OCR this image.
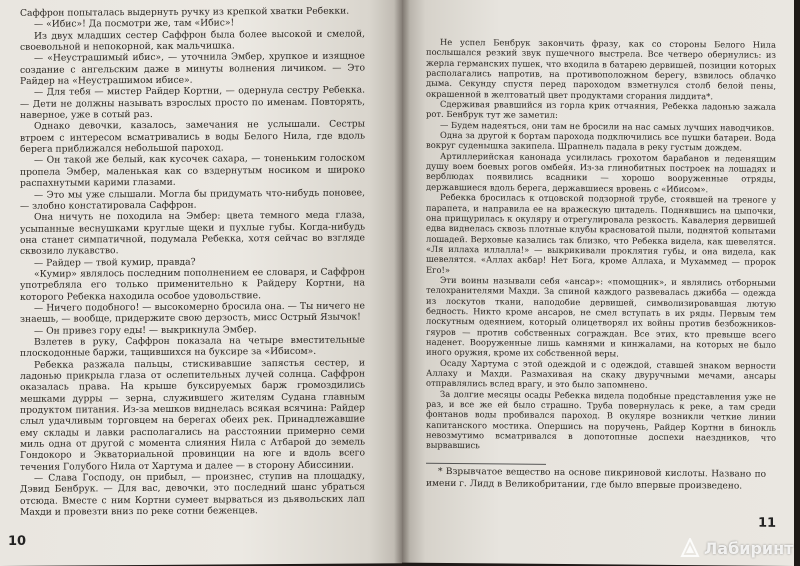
Саффрон попыталась выдернуть ручку из крепкой хватки Ребекки.

— «Ибис»! Да посмотри же, там «Ибис»!

Из двух младших сестер Саффрон была более высокой и смелой, своевольной и непокорной, как мальчишка.

— «Неустрашимый ибис», — уточнила Эмбер, хрупкое и изящное создание с ангельским даже в минуты волнения личиком. — Это Райдер на «Неустрашимом ибисе».

— Для тебя — мистер Райдер Кортни, — одернула сестру Ребекка. — Дети не должны называть взрослых просто по именам. Повторять, наверное, уже в сотый раз.

Однако девочки, казалось, замечания не услышали. Сестры втроем с интересом всматривались в воды Белого Нила, где вдоль берега приближался небольшой пароход.

— Он такой же белый, как кусочек сахара, — тоненьким голоском пропела Эмбер, маленькая как со вздернутым носиком и широко распахнутыми карими глазами.

— Это мы уже слышали. Могла бы придумать что-нибудь поновее, — злобно констатировала Саффрон.

Она ничуть не походила на Эмбер: цвета темного меда глаза, усыпанные веснушками круглые щеки и пухлые губы. Когда-нибудь она станет симпатичной, подумала Ребекка, хотя сейчас во взгляде сквозило лукавство.

— Райдер — твой кумир, правда?

«Кумир» являлось последним пополнением ее словаря, и Саффрон употребляла его только применительно к Райдеру Кортни, на которого Ребекка находила особое удовольствие.

— Ничего подобного! — высокомерно бросила она. — Ты ничего не знаешь, — вообще, придержите свою дерзость, мисс Острый Язычок!

— Он привез гору еды! — выкрикнула Эмбер.

Взлетев в руку, Саффрон показала на четыре вместительные плоскодонные баржи, тащившихся на буксире за «Ибисом».

Ребекка разжала пальцы, стискивавшие запястья сестер, и ладонью прикрыла глаза от ослепительных лучей солнца. Саффрон оказалась права. На крыше буксируемых барж громоздились мешками дурры — зерна, служившего жителям Судана главным продуктом питания. Из-за мешков виднелась всякая всячина: Райдер слыл удачливым торговцем на берегах обеих рек. Принадлежавшие ему склады и лавки располагались на расстоянии примерно семи миль одна от другой с момента слияния Нила с Атбарой до земель Гондокоро и Экваториальной провинции на юге и вдоль всего течения Голубого Нила от Хартума и далее — в сторону Абиссинии.

— Слава Господу, он прибыл, — произнес, ступив на площадку, Дэвид Бенбрук. — Для вас, девочки, это последний шанс убраться отсюда. Вместе с ним Кортни сумеет вырваться из дьявольских лап Махди и провезти вниз по реке сотни беженцев.

10

Не успел Бенбрук закончить фразу, как со стороны Белого Нила послышался резкий звук пушечного выстрела. Все четверо обернулись: из жерла германских пушек, что входила в батарею дервишей, позиции которых располагались напротив, на противоположном берегу, взвилось облачко дыма. Секунду спустя перед пароходом взметнулся столб белой пены, окрашенной в желтоватый цвет продуктами сгорания лиддита*.

Сдерживая рвавшийся из горла крик отчаяния, Ребекка ладонью зажала рот. Бенбрук тут же заметил:

— Будем надеяться, они там не бросили на нас самых лучших наводчиков.

Одна за другой к бортам парохода подключились все пушки батареи. Вода вокруг суденышка закипела. Шрапнель падала в реку густым дождем.

Артиллерийская канонада усилилась грохотом барабанов и леденящим душу воем боевых рогов омбейя. Из-за глинобитных построек на лошадях и верблюдах появились всадники — хорошо вооруженные отряды, державшиеся вдоль берега, державшиеся вровень с «Ибисом».

Ребекка бросилась к отцовской подзорной трубе, стоявшей на треноге у парапета, и направила ее на вражескую цитадель. Поднявшись на цыпочки, она прищурилась к окуляру и отрегулировала резкость. Кавалерия дервишей едва виднелась сквозь плотные клубы красноватой пыли, поднятой копытами лошадей. Верховые казались так близко, что Ребекка видела, как шевелятся. «Ля иллаха иллалла!» — выкрикивали проклятия губы, и она видела, как шевелятся. «Аллах акбар! Нет Бога, кроме Аллаха, и Мухаммед — пророк Его!»

Эти воины называли себя «ансар»: «помощник», и являлись отборными телохранителями Махди. За спиной каждого развевалась джибба — одежда из лоскутов ткани, наподобие дервишей, символизировавшая лютую бедность. Никто кроме ансаров, не смел вступать в их ряды. Первым тем лоскутным одеянием, который олицетворял их войны против безбожников-гяуров — против собственных сограждан. Все этих, кто превыше всего наденет. Вооруженные лишь камнями и кинжалами, на которых не было иного оружия, кроме их собственной веры.

Осаду Хартума с этой одеждой и с одеждой, ставшей знаком верности Аллаху и Махди. Размахивая на скаку двуручными мечами, ансары отправлялись вслед врагу, и это было запомнено.

За долгие месяцы осады Ребекка видела подобные представления уже не раз, и все же ей было страшно. Труба повернулась к реке, а там среди фонтанов воды пробивался пароход. В окуляре возникли четкие линии капитанского мостика. Опершись на поручень, Райдер Кортни в бинокль невозмутимо всматривался в допотопные доспехи наездников, что вырвавшись

* Взрывчатое вещество на основе пикриновой кислоты. Названо по имени г. Лидд в Великобритании, где было впервые произведено.

11
Лабиринт
